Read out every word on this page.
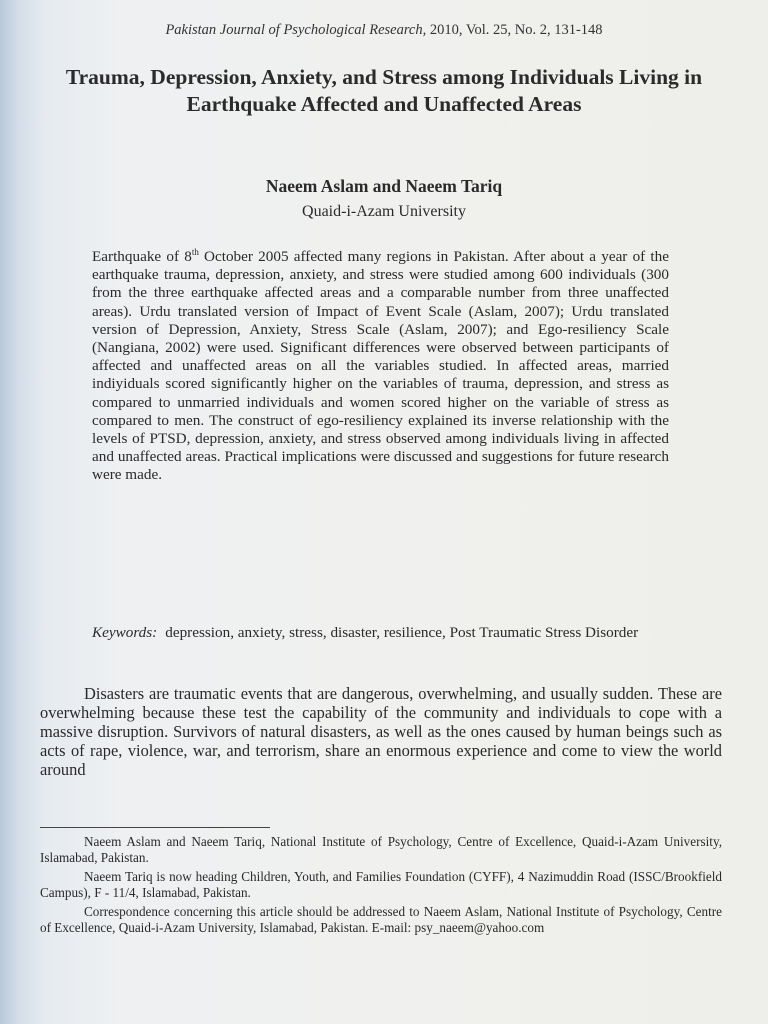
Pakistan Journal of Psychological Research, 2010, Vol. 25, No. 2, 131-148
Trauma, Depression, Anxiety, and Stress among Individuals Living in Earthquake Affected and Unaffected Areas
Naeem Aslam and Naeem Tariq
Quaid-i-Azam University

Earthquake of 8th October 2005 affected many regions in Pakistan. After about a year of the earthquake trauma, depression, anxiety, and stress were studied among 600 individuals (300 from the three earthquake affected areas and a comparable number from three unaffected areas). Urdu translated version of Impact of Event Scale (Aslam, 2007); Urdu translated version of Depression, Anxiety, Stress Scale (Aslam, 2007); and Ego-resiliency Scale (Nangiana, 2002) were used. Significant differences were observed between participants of affected and unaffected areas on all the variables studied. In affected areas, married indiyiduals scored significantly higher on the variables of trauma, depression, and stress as compared to unmarried individuals and women scored higher on the variable of stress as compared to men. The construct of ego-resiliency explained its inverse relationship with the levels of PTSD, depression, anxiety, and stress observed among individuals living in affected and unaffected areas. Practical implications were discussed and suggestions for future research were made.

Keywords: depression, anxiety, stress, disaster, resilience, Post Traumatic Stress Disorder

Disasters are traumatic events that are dangerous, overwhelming, and usually sudden. These are overwhelming because these test the capability of the community and individuals to cope with a massive disruption. Survivors of natural disasters, as well as the ones caused by human beings such as acts of rape, violence, war, and terrorism, share an enormous experience and come to view the world around

Naeem Aslam and Naeem Tariq, National Institute of Psychology, Centre of Excellence, Quaid-i-Azam University, Islamabad, Pakistan.

Naeem Tariq is now heading Children, Youth, and Families Foundation (CYFF), 4 Nazimuddin Road (ISSC/Brookfield Campus), F - 11/4, Islamabad, Pakistan.

Correspondence concerning this article should be addressed to Naeem Aslam, National Institute of Psychology, Centre of Excellence, Quaid-i-Azam University, Islamabad, Pakistan. E-mail: psy_naeem@yahoo.com
